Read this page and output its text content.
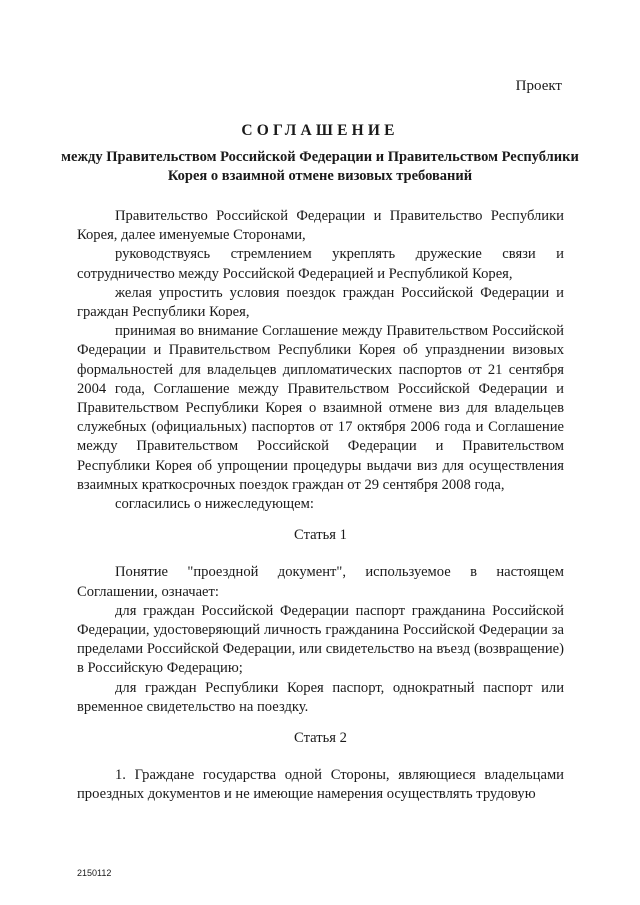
Проект
СОГЛАШЕНИЕ
между Правительством Российской Федерации и Правительством Республики Корея о взаимной отмене визовых требований

Правительство Российской Федерации и Правительство Республики Корея, далее именуемые Сторонами,

руководствуясь стремлением укреплять дружеские связи и сотрудничество между Российской Федерацией и Республикой Корея,

желая упростить условия поездок граждан Российской Федерации и граждан Республики Корея,

принимая во внимание Соглашение между Правительством Российской Федерации и Правительством Республики Корея об упразднении визовых формальностей для владельцев дипломатических паспортов от 21 сентября 2004 года, Соглашение между Правительством Российской Федерации и Правительством Республики Корея о взаимной отмене виз для владельцев служебных (официальных) паспортов от 17 октября 2006 года и Соглашение между Правительством Российской Федерации и Правительством Республики Корея об упрощении процедуры выдачи виз для осуществления взаимных краткосрочных поездок граждан от 29 сентября 2008 года,

согласились о нижеследующем:

Статья 1

Понятие "проездной документ", используемое в настоящем Соглашении, означает:

для граждан Российской Федерации паспорт гражданина Российской Федерации, удостоверяющий личность гражданина Российской Федерации за пределами Российской Федерации, или свидетельство на въезд (возвращение) в Российскую Федерацию;

для граждан Республики Корея паспорт, однократный паспорт или временное свидетельство на поездку.

Статья 2

1. Граждане государства одной Стороны, являющиеся владельцами проездных документов и не имеющие намерения осуществлять трудовую

2150112
